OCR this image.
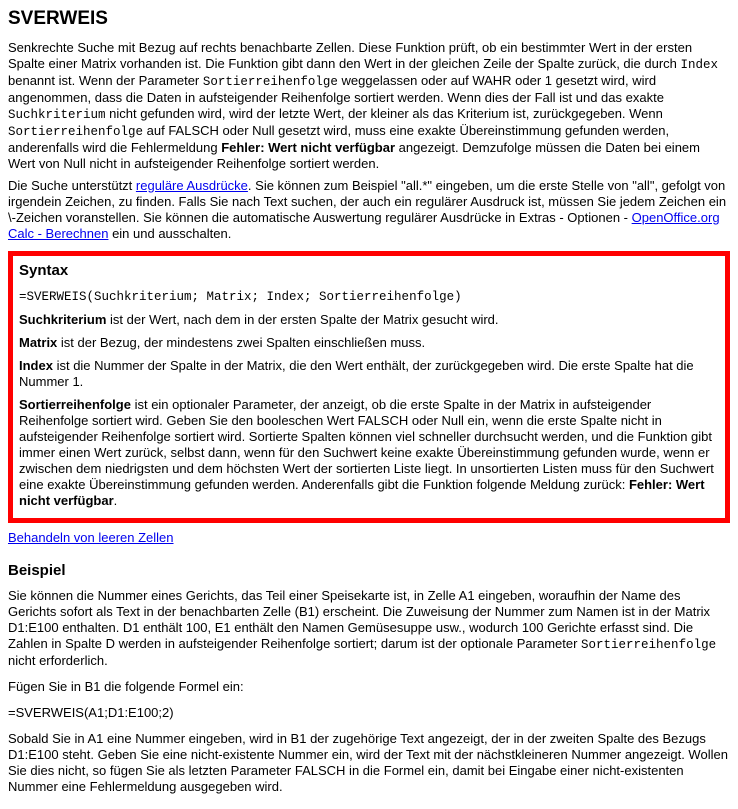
SVERWEIS

Senkrechte Suche mit Bezug auf rechts benachbarte Zellen. Diese Funktion prüft, ob ein bestimmter Wert in der ersten Spalte einer Matrix vorhanden ist. Die Funktion gibt dann den Wert in der gleichen Zeile der Spalte zurück, die durch Index benannt ist. Wenn der Parameter Sortierreihenfolge weggelassen oder auf WAHR oder 1 gesetzt wird, wird angenommen, dass die Daten in aufsteigender Reihenfolge sortiert werden. Wenn dies der Fall ist und das exakte Suchkriterium nicht gefunden wird, wird der letzte Wert, der kleiner als das Kriterium ist, zurückgegeben. Wenn Sortierreihenfolge auf FALSCH oder Null gesetzt wird, muss eine exakte Übereinstimmung gefunden werden, anderenfalls wird die Fehlermeldung Fehler: Wert nicht verfügbar angezeigt. Demzufolge müssen die Daten bei einem Wert von Null nicht in aufsteigender Reihenfolge sortiert werden.

Die Suche unterstützt reguläre Ausdrücke. Sie können zum Beispiel "all.*" eingeben, um die erste Stelle von "all", gefolgt von irgendein Zeichen, zu finden. Falls Sie nach Text suchen, der auch ein regulärer Ausdruck ist, müssen Sie jedem Zeichen ein \-Zeichen voranstellen. Sie können die automatische Auswertung regulärer Ausdrücke in Extras - Optionen - OpenOffice.org Calc - Berechnen ein und ausschalten.

Syntax

=SVERWEIS(Suchkriterium; Matrix; Index; Sortierreihenfolge)

Suchkriterium ist der Wert, nach dem in der ersten Spalte der Matrix gesucht wird.

Matrix ist der Bezug, der mindestens zwei Spalten einschließen muss.

Index ist die Nummer der Spalte in der Matrix, die den Wert enthält, der zurückgegeben wird. Die erste Spalte hat die Nummer 1.

Sortierreihenfolge ist ein optionaler Parameter, der anzeigt, ob die erste Spalte in der Matrix in aufsteigender Reihenfolge sortiert wird. Geben Sie den booleschen Wert FALSCH oder Null ein, wenn die erste Spalte nicht in aufsteigender Reihenfolge sortiert wird. Sortierte Spalten können viel schneller durchsucht werden, und die Funktion gibt immer einen Wert zurück, selbst dann, wenn für den Suchwert keine exakte Übereinstimmung gefunden wurde, wenn er zwischen dem niedrigsten und dem höchsten Wert der sortierten Liste liegt. In unsortierten Listen muss für den Suchwert eine exakte Übereinstimmung gefunden werden. Anderenfalls gibt die Funktion folgende Meldung zurück: Fehler: Wert nicht verfügbar.

Behandeln von leeren Zellen

Beispiel

Sie können die Nummer eines Gerichts, das Teil einer Speisekarte ist, in Zelle A1 eingeben, woraufhin der Name des Gerichts sofort als Text in der benachbarten Zelle (B1) erscheint. Die Zuweisung der Nummer zum Namen ist in der Matrix D1:E100 enthalten. D1 enthält 100, E1 enthält den Namen Gemüsesuppe usw., wodurch 100 Gerichte erfasst sind. Die Zahlen in Spalte D werden in aufsteigender Reihenfolge sortiert; darum ist der optionale Parameter Sortierreihenfolge nicht erforderlich.

Fügen Sie in B1 die folgende Formel ein:

=SVERWEIS(A1;D1:E100;2)

Sobald Sie in A1 eine Nummer eingeben, wird in B1 der zugehörige Text angezeigt, der in der zweiten Spalte des Bezugs D1:E100 steht. Geben Sie eine nicht-existente Nummer ein, wird der Text mit der nächstkleineren Nummer angezeigt. Wollen Sie dies nicht, so fügen Sie als letzten Parameter FALSCH in die Formel ein, damit bei Eingabe einer nicht-existenten Nummer eine Fehlermeldung ausgegeben wird.
